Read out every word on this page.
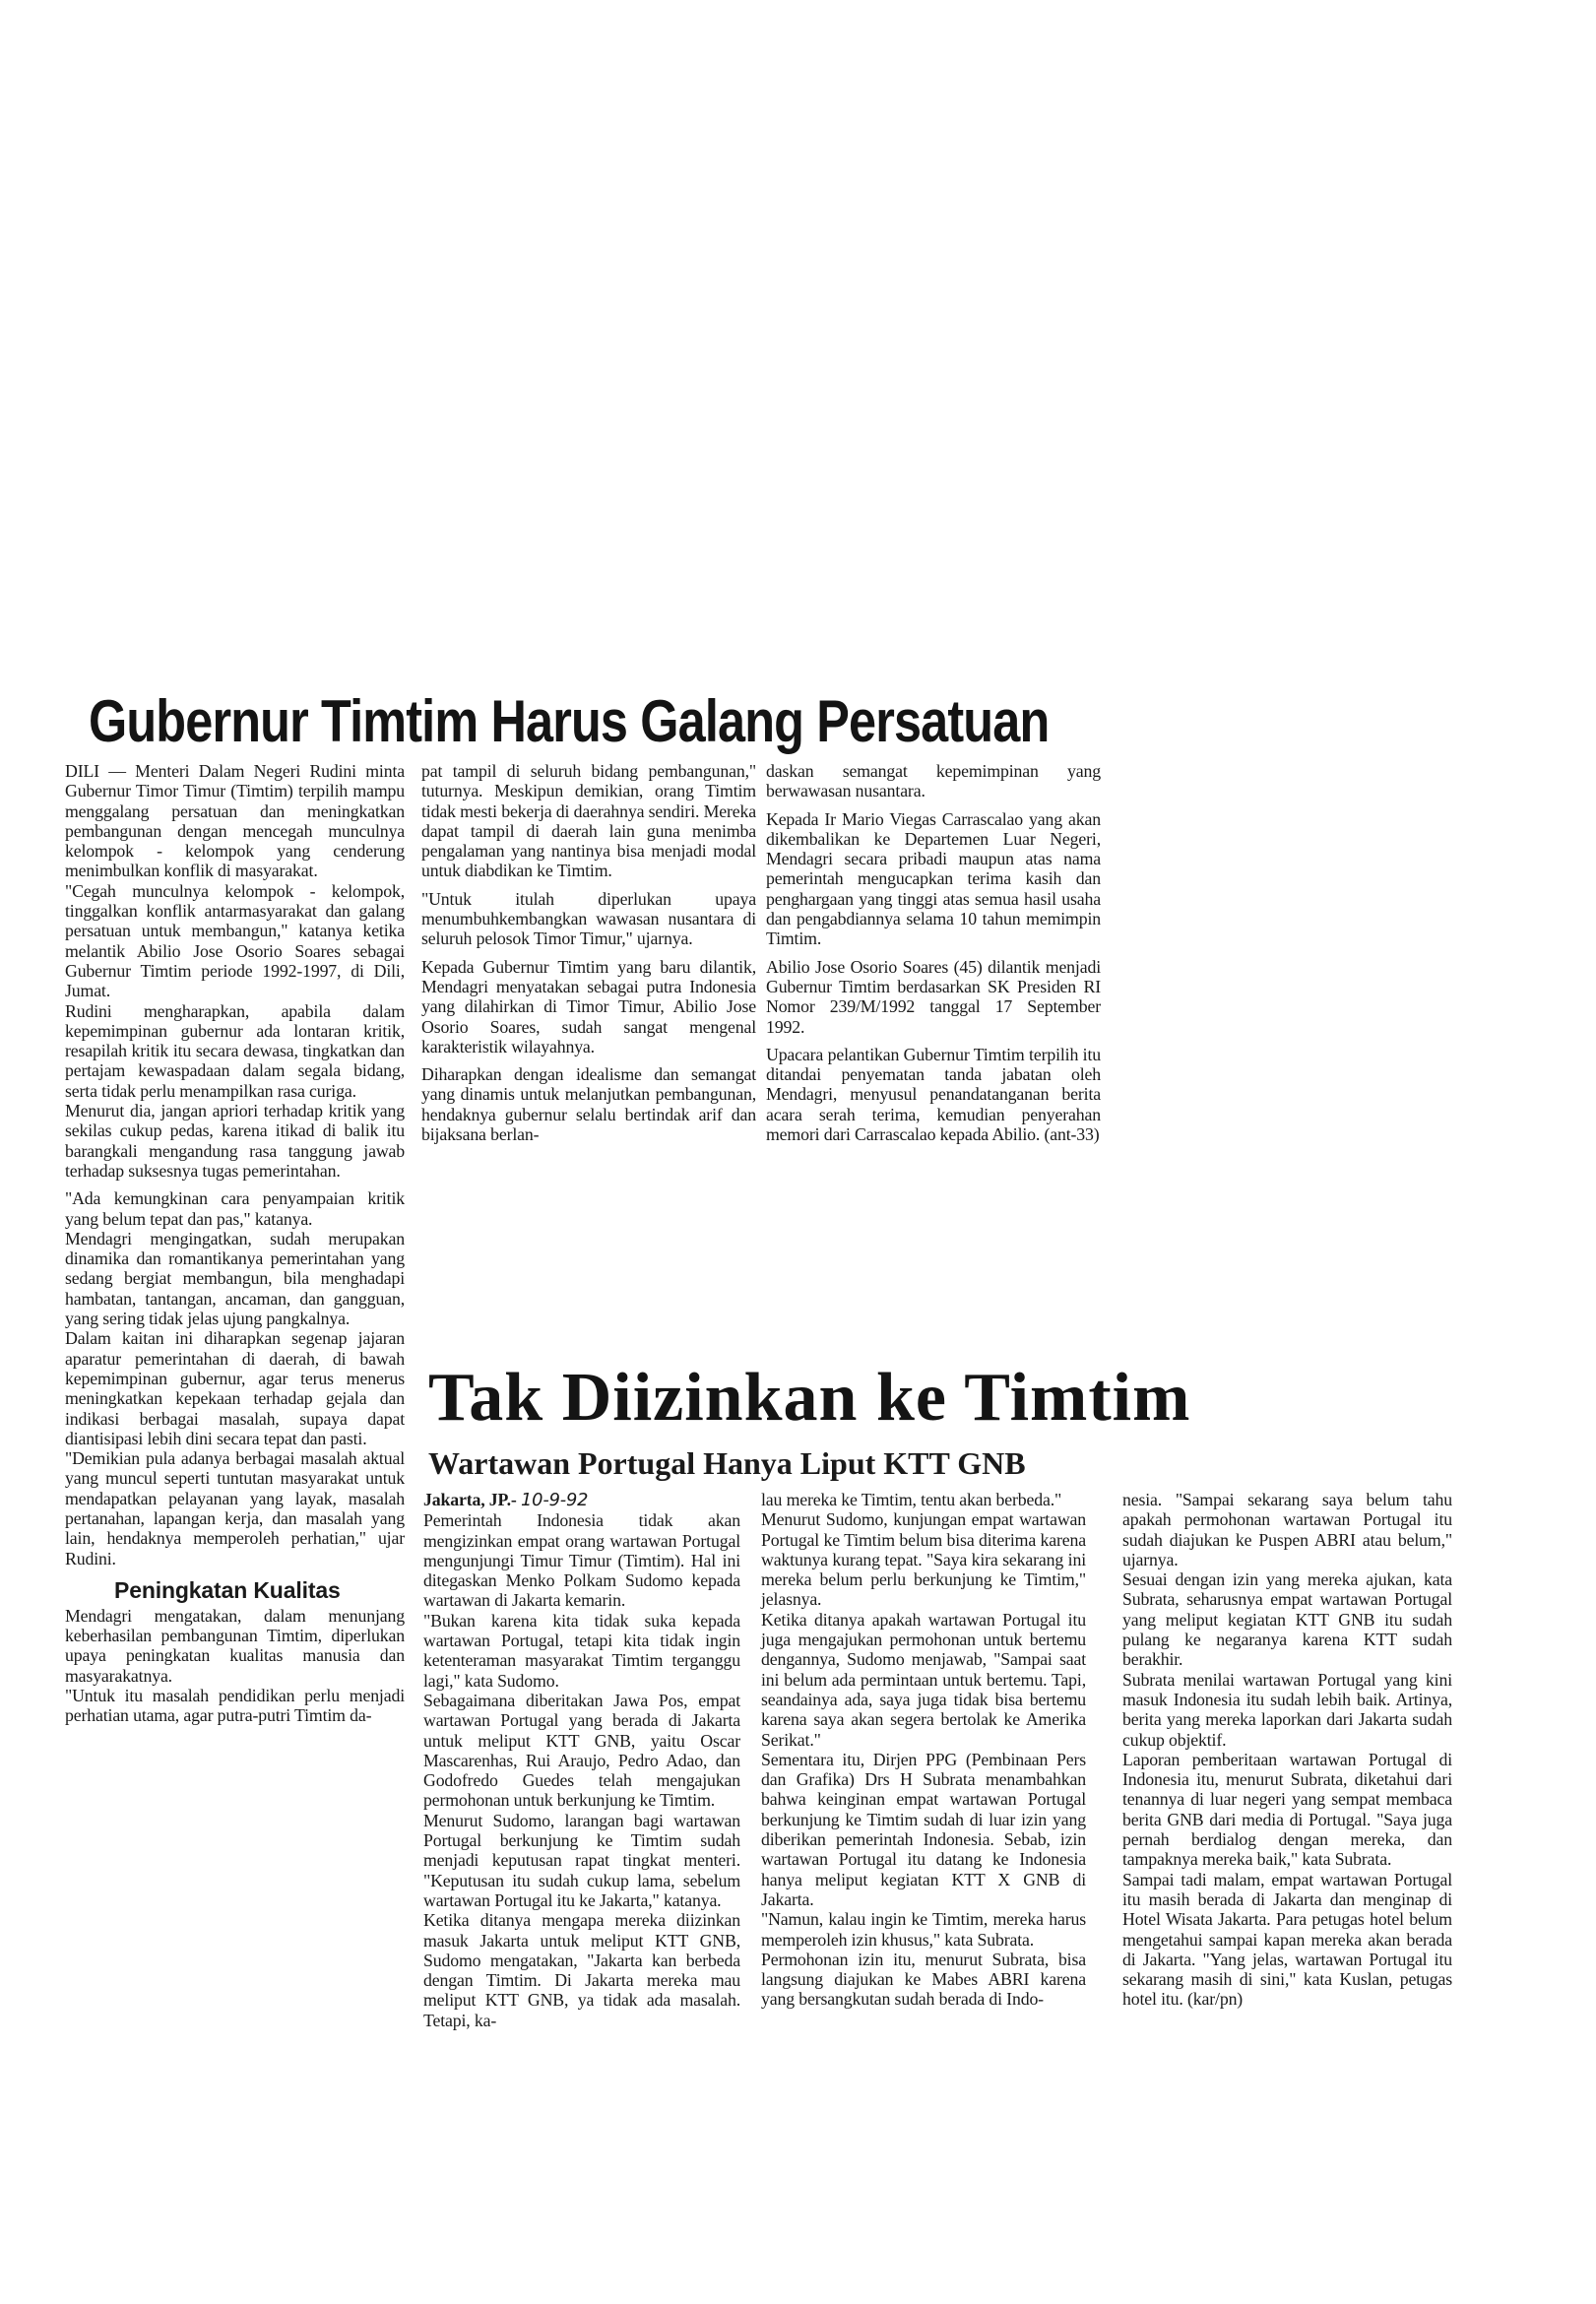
Gubernur Timtim Harus Galang Persatuan

DILI — Menteri Dalam Negeri Rudini minta Gubernur Timor Timur (Timtim) terpilih mampu menggalang persatuan dan meningkatkan pembangunan dengan mencegah munculnya kelompok - kelompok yang cenderung menimbulkan konflik di masyarakat.

"Cegah munculnya kelompok - kelompok, tinggalkan konflik antarmasyarakat dan galang persatuan untuk membangun," katanya ketika melantik Abilio Jose Osorio Soares sebagai Gubernur Timtim periode 1992-1997, di Dili, Jumat.

Rudini mengharapkan, apabila dalam kepemimpinan gubernur ada lontaran kritik, resapilah kritik itu secara dewasa, tingkatkan dan pertajam kewaspadaan dalam segala bidang, serta tidak perlu menampilkan rasa curiga.

Menurut dia, jangan apriori terhadap kritik yang sekilas cukup pedas, karena itikad di balik itu barangkali mengandung rasa tanggung jawab terhadap suksesnya tugas pemerintahan.

"Ada kemungkinan cara penyampaian kritik yang belum tepat dan pas," katanya.

Mendagri mengingatkan, sudah merupakan dinamika dan romantikanya pemerintahan yang sedang bergiat membangun, bila menghadapi hambatan, tantangan, ancaman, dan gangguan, yang sering tidak jelas ujung pangkalnya.

Dalam kaitan ini diharapkan segenap jajaran aparatur pemerintahan di daerah, di bawah kepemimpinan gubernur, agar terus menerus meningkatkan kepekaan terhadap gejala dan indikasi berbagai masalah, supaya dapat diantisipasi lebih dini secara tepat dan pasti.

"Demikian pula adanya berbagai masalah aktual yang muncul seperti tuntutan masyarakat untuk mendapatkan pelayanan yang layak, masalah pertanahan, lapangan kerja, dan masalah yang lain, hendaknya memperoleh perhatian," ujar Rudini.

Peningkatan Kualitas

Mendagri mengatakan, dalam menunjang keberhasilan pembangunan Timtim, diperlukan upaya peningkatan kualitas manusia dan masyarakatnya.

"Untuk itu masalah pendidikan perlu menjadi perhatian utama, agar putra-putri Timtim da-

pat tampil di seluruh bidang pembangunan," tuturnya. Meskipun demikian, orang Timtim tidak mesti bekerja di daerahnya sendiri. Mereka dapat tampil di daerah lain guna menimba pengalaman yang nantinya bisa menjadi modal untuk diabdikan ke Timtim.

"Untuk itulah diperlukan upaya menumbuhkembangkan wawasan nusantara di seluruh pelosok Timor Timur," ujarnya.

Kepada Gubernur Timtim yang baru dilantik, Mendagri menyatakan sebagai putra Indonesia yang dilahirkan di Timor Timur, Abilio Jose Osorio Soares, sudah sangat mengenal karakteristik wilayahnya.

Diharapkan dengan idealisme dan semangat yang dinamis untuk melanjutkan pembangunan, hendaknya gubernur selalu bertindak arif dan bijaksana berlan-

daskan semangat kepemimpinan yang berwawasan nusantara.

Kepada Ir Mario Viegas Carrascalao yang akan dikembalikan ke Departemen Luar Negeri, Mendagri secara pribadi maupun atas nama pemerintah mengucapkan terima kasih dan penghargaan yang tinggi atas semua hasil usaha dan pengabdiannya selama 10 tahun memimpin Timtim.

Abilio Jose Osorio Soares (45) dilantik menjadi Gubernur Timtim berdasarkan SK Presiden RI Nomor 239/M/1992 tanggal 17 September 1992.

Upacara pelantikan Gubernur Timtim terpilih itu ditandai penyematan tanda jabatan oleh Mendagri, menyusul penandatanganan berita acara serah terima, kemudian penyerahan memori dari Carrascalao kepada Abilio. (ant-33)

Tak Diizinkan ke Timtim
Wartawan Portugal Hanya Liput KTT GNB

Jakarta, JP.- 10-9-92

Pemerintah Indonesia tidak akan mengizinkan empat orang wartawan Portugal mengunjungi Timur Timur (Timtim). Hal ini ditegaskan Menko Polkam Sudomo kepada wartawan di Jakarta kemarin.

"Bukan karena kita tidak suka kepada wartawan Portugal, tetapi kita tidak ingin ketenteraman masyarakat Timtim terganggu lagi," kata Sudomo.

Sebagaimana diberitakan Jawa Pos, empat wartawan Portugal yang berada di Jakarta untuk meliput KTT GNB, yaitu Oscar Mascarenhas, Rui Araujo, Pedro Adao, dan Godofredo Guedes telah mengajukan permohonan untuk berkunjung ke Timtim.

Menurut Sudomo, larangan bagi wartawan Portugal berkunjung ke Timtim sudah menjadi keputusan rapat tingkat menteri. "Keputusan itu sudah cukup lama, sebelum wartawan Portugal itu ke Jakarta," katanya.

Ketika ditanya mengapa mereka diizinkan masuk Jakarta untuk meliput KTT GNB, Sudomo mengatakan, "Jakarta kan berbeda dengan Timtim. Di Jakarta mereka mau meliput KTT GNB, ya tidak ada masalah. Tetapi, ka-

lau mereka ke Timtim, tentu akan berbeda."

Menurut Sudomo, kunjungan empat wartawan Portugal ke Timtim belum bisa diterima karena waktunya kurang tepat. "Saya kira sekarang ini mereka belum perlu berkunjung ke Timtim," jelasnya.

Ketika ditanya apakah wartawan Portugal itu juga mengajukan permohonan untuk bertemu dengannya, Sudomo menjawab, "Sampai saat ini belum ada permintaan untuk bertemu. Tapi, seandainya ada, saya juga tidak bisa bertemu karena saya akan segera bertolak ke Amerika Serikat."

Sementara itu, Dirjen PPG (Pembinaan Pers dan Grafika) Drs H Subrata menambahkan bahwa keinginan empat wartawan Portugal berkunjung ke Timtim sudah di luar izin yang diberikan pemerintah Indonesia. Sebab, izin wartawan Portugal itu datang ke Indonesia hanya meliput kegiatan KTT X GNB di Jakarta.

"Namun, kalau ingin ke Timtim, mereka harus memperoleh izin khusus," kata Subrata.

Permohonan izin itu, menurut Subrata, bisa langsung diajukan ke Mabes ABRI karena yang bersangkutan sudah berada di Indo-

nesia. "Sampai sekarang saya belum tahu apakah permohonan wartawan Portugal itu sudah diajukan ke Puspen ABRI atau belum," ujarnya.

Sesuai dengan izin yang mereka ajukan, kata Subrata, seharusnya empat wartawan Portugal yang meliput kegiatan KTT GNB itu sudah pulang ke negaranya karena KTT sudah berakhir.

Subrata menilai wartawan Portugal yang kini masuk Indonesia itu sudah lebih baik. Artinya, berita yang mereka laporkan dari Jakarta sudah cukup objektif.

Laporan pemberitaan wartawan Portugal di Indonesia itu, menurut Subrata, diketahui dari tenannya di luar negeri yang sempat membaca berita GNB dari media di Portugal. "Saya juga pernah berdialog dengan mereka, dan tampaknya mereka baik," kata Subrata.

Sampai tadi malam, empat wartawan Portugal itu masih berada di Jakarta dan menginap di Hotel Wisata Jakarta. Para petugas hotel belum mengetahui sampai kapan mereka akan berada di Jakarta. "Yang jelas, wartawan Portugal itu sekarang masih di sini," kata Kuslan, petugas hotel itu. (kar/pn)
